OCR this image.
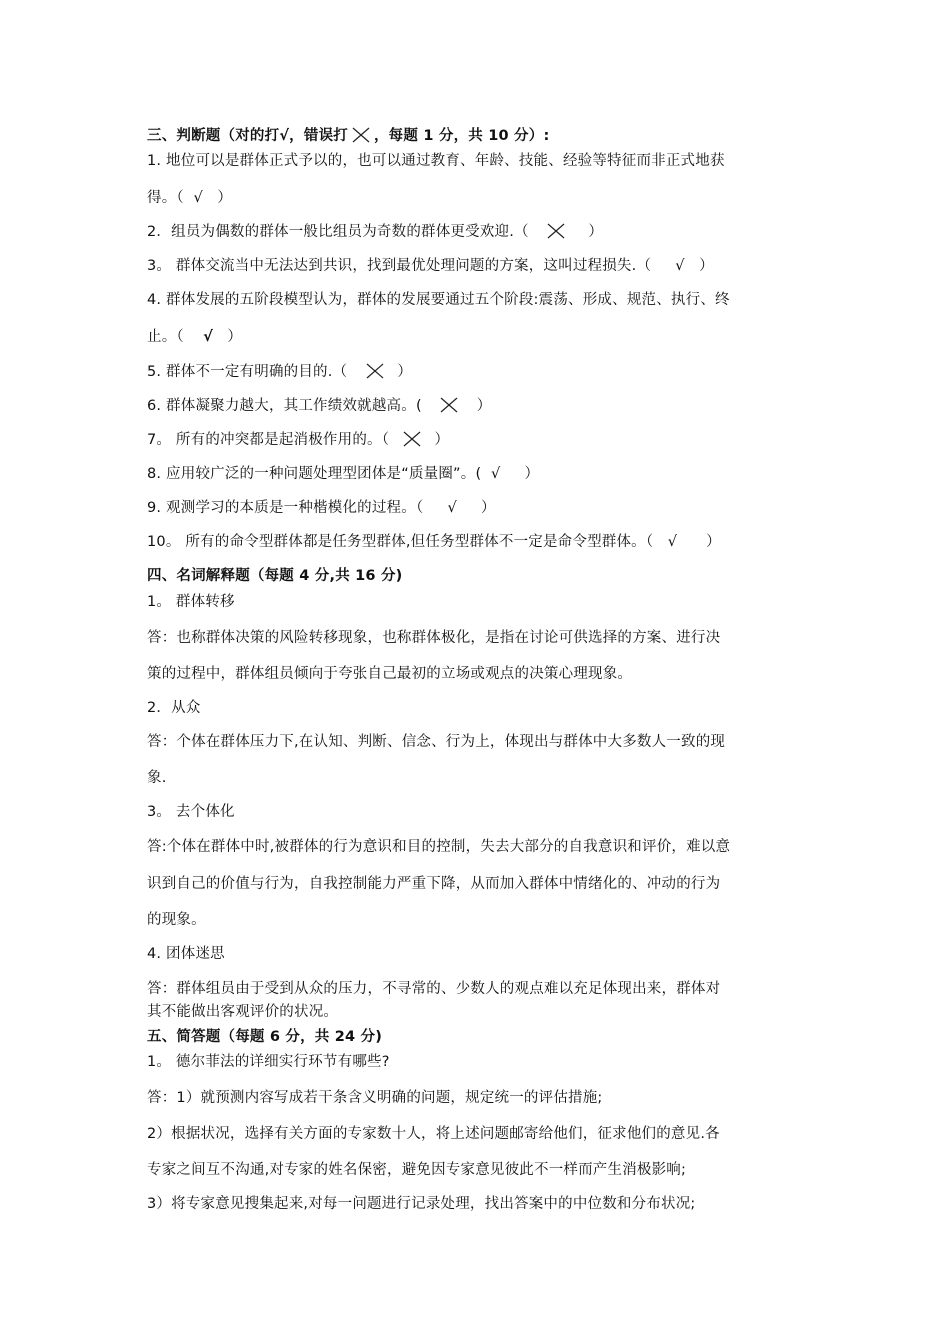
三、判断题（对的打√，错误打 ，每题 1 分，共 10 分）:
1. 地位可以是群体正式予以的，也可以通过教育、年龄、技能、经验等特征而非正式地获
得。（ √ ）
2．组员为偶数的群体一般比组员为奇数的群体更受欢迎.（	）
3。 群体交流当中无法达到共识，找到最优处理问题的方案，这叫过程损失.（ √ ）
4. 群体发展的五阶段模型认为，群体的发展要通过五个阶段:震荡、形成、规范、执行、终
止。（ √ ）
5. 群体不一定有明确的目的.（	）
6. 群体凝聚力越大，其工作绩效就越高。(	）
7。 所有的冲突都是起消极作用的。（	）
8. 应用较广泛的一种问题处理型团体是“质量圈”。( √ ）
9. 观测学习的本质是一种楷模化的过程。（ √ ）
10。 所有的命令型群体都是任务型群体,但任务型群体不一定是命令型群体。（ √ ）
四、名词解释题（每题 4 分,共 16 分)
1。 群体转移
答：也称群体决策的风险转移现象，也称群体极化，是指在讨论可供选择的方案、进行决
策的过程中，群体组员倾向于夸张自己最初的立场或观点的决策心理现象。
2．从众
答：个体在群体压力下,在认知、判断、信念、行为上，体现出与群体中大多数人一致的现
象.
3。 去个体化
答:个体在群体中时,被群体的行为意识和目的控制，失去大部分的自我意识和评价，难以意
识到自己的价值与行为，自我控制能力严重下降，从而加入群体中情绪化的、冲动的行为
的现象。
4. 团体迷思
答：群体组员由于受到从众的压力，不寻常的、少数人的观点难以充足体现出来，群体对
其不能做出客观评价的状况。
五、简答题（每题 6 分，共 24 分)
1。 德尔菲法的详细实行环节有哪些?
答：1）就预测内容写成若干条含义明确的问题，规定统一的评估措施;
2）根据状况，选择有关方面的专家数十人，将上述问题邮寄给他们，征求他们的意见.各
专家之间互不沟通,对专家的姓名保密，避免因专家意见彼此不一样而产生消极影响;
3）将专家意见搜集起来,对每一问题进行记录处理，找出答案中的中位数和分布状况;
